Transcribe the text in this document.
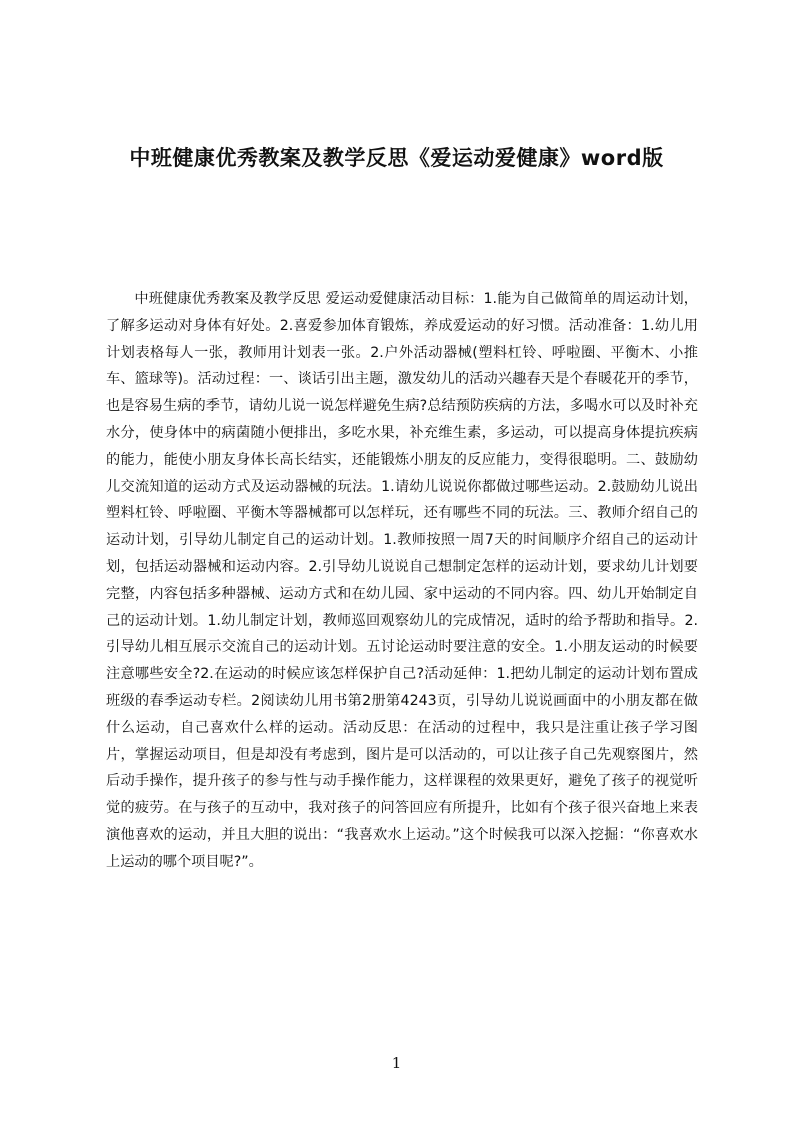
中班健康优秀教案及教学反思《爱运动爱健康》word版

中班健康优秀教案及教学反思 爱运动爱健康活动目标：1.能为自己做简单的周运动计划，了解多运动对身体有好处。2.喜爱参加体育锻炼，养成爱运动的好习惯。活动准备：1.幼儿用计划表格每人一张，教师用计划表一张。2.户外活动器械(塑料杠铃、呼啦圈、平衡木、小推车、篮球等)。活动过程：一、谈话引出主题，激发幼儿的活动兴趣春天是个春暖花开的季节，也是容易生病的季节，请幼儿说一说怎样避免生病?总结预防疾病的方法，多喝水可以及时补充水分，使身体中的病菌随小便排出，多吃水果，补充维生素，多运动，可以提高身体提抗疾病的能力，能使小朋友身体长高长结实，还能锻炼小朋友的反应能力，变得很聪明。二、鼓励幼儿交流知道的运动方式及运动器械的玩法。1.请幼儿说说你都做过哪些运动。2.鼓励幼儿说出塑料杠铃、呼啦圈、平衡木等器械都可以怎样玩，还有哪些不同的玩法。三、教师介绍自己的运动计划，引导幼儿制定自己的运动计划。1.教师按照一周7天的时间顺序介绍自己的运动计划，包括运动器械和运动内容。2.引导幼儿说说自己想制定怎样的运动计划，要求幼儿计划要完整，内容包括多种器械、运动方式和在幼儿园、家中运动的不同内容。四、幼儿开始制定自己的运动计划。1.幼儿制定计划，教师巡回观察幼儿的完成情况，适时的给予帮助和指导。2.引导幼儿相互展示交流自己的运动计划。五讨论运动时要注意的安全。1.小朋友运动的时候要注意哪些安全?2.在运动的时候应该怎样保护自己?活动延伸：1.把幼儿制定的运动计划布置成班级的春季运动专栏。2阅读幼儿用书第2册第4243页，引导幼儿说说画面中的小朋友都在做什么运动，自己喜欢什么样的运动。活动反思：在活动的过程中，我只是注重让孩子学习图片，掌握运动项目，但是却没有考虑到，图片是可以活动的，可以让孩子自己先观察图片，然后动手操作，提升孩子的参与性与动手操作能力，这样课程的效果更好，避免了孩子的视觉听觉的疲劳。在与孩子的互动中，我对孩子的问答回应有所提升，比如有个孩子很兴奋地上来表演他喜欢的运动，并且大胆的说出：“我喜欢水上运动。”这个时候我可以深入挖掘：“你喜欢水上运动的哪个项目呢?”。

1
